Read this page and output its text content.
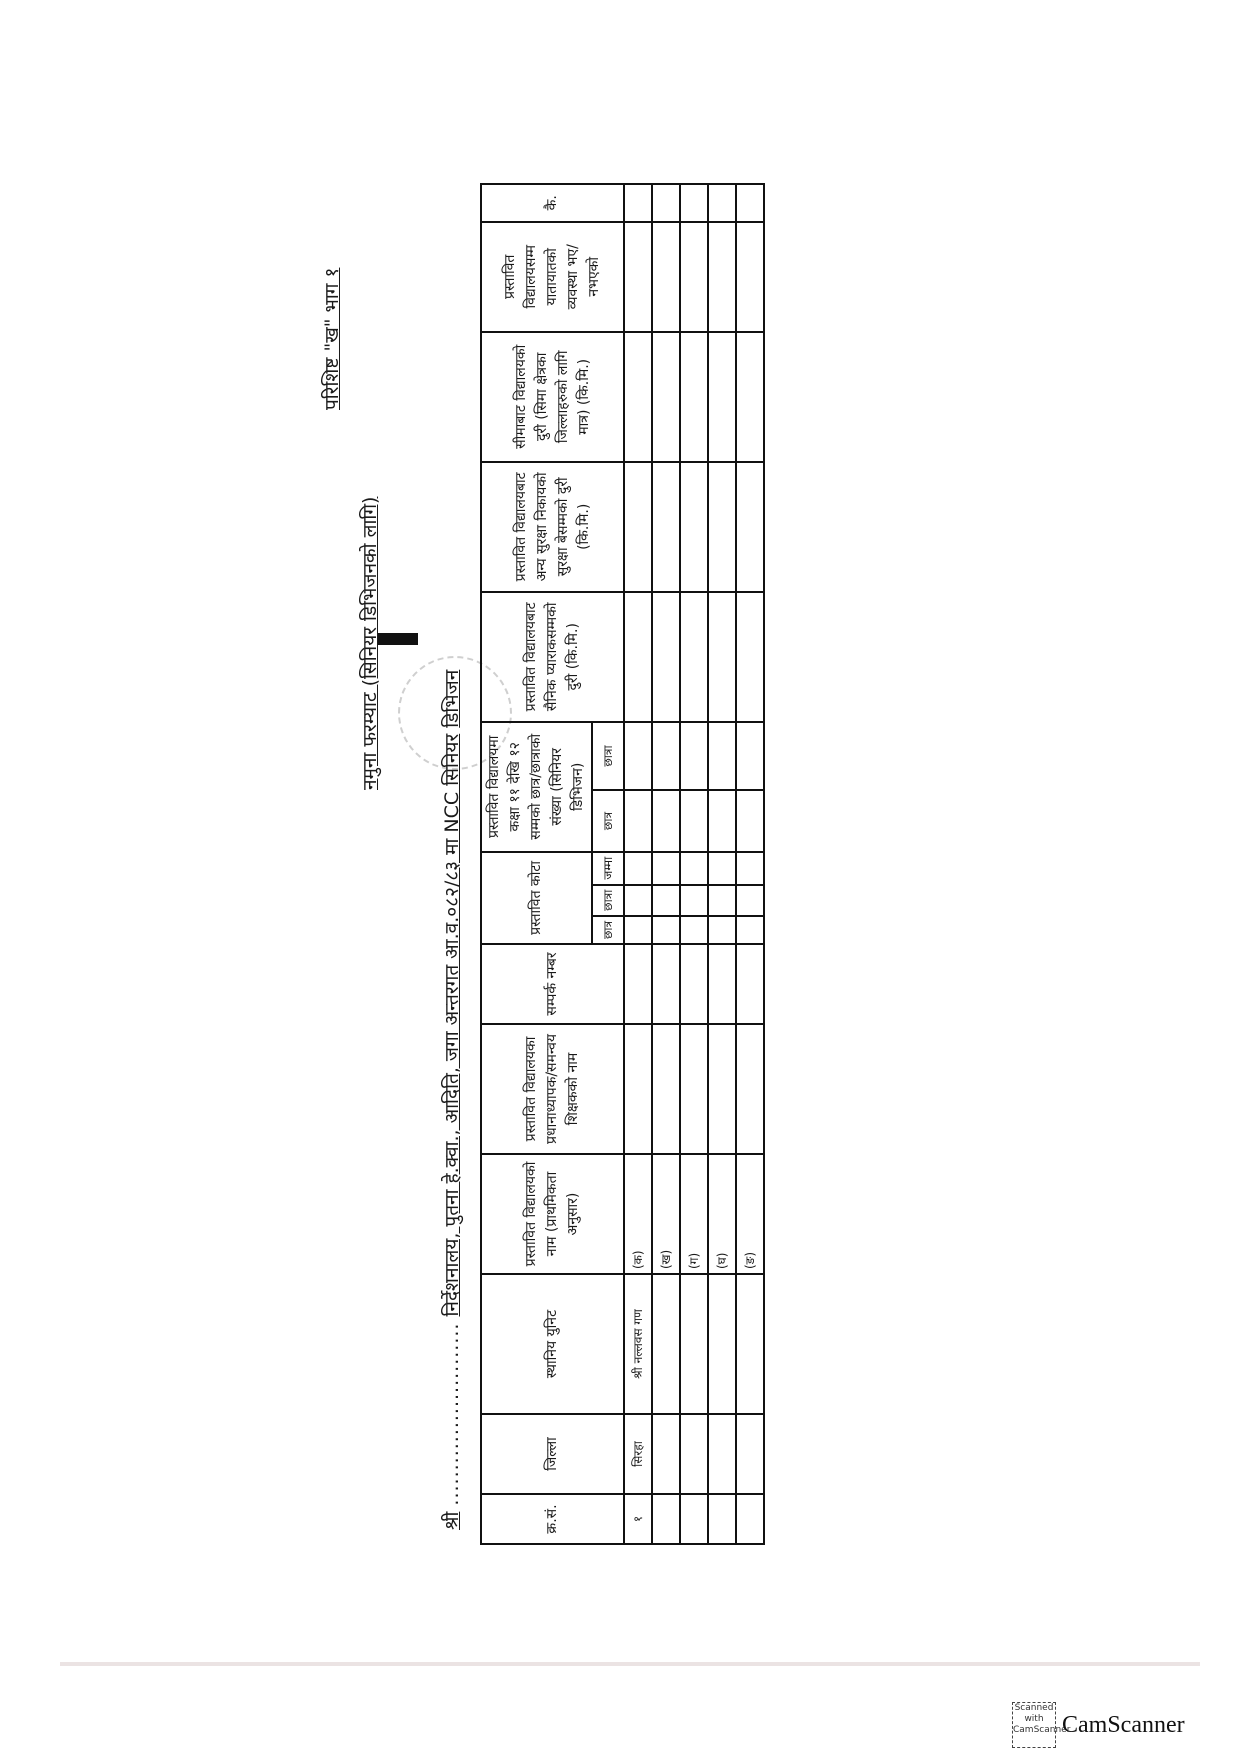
परिशिष्ट "ख" भाग १
नमुना फरम्याट (सिनियर डिभिजनको लागि)
श्री .......................... निर्देशनालय, पुतना हे.क्वा., आदिति, जगा अन्तरगत आ.व.०८२/८३ मा NCC सिनियर डिभिजन
क्र.सं.	जिल्ला	स्थानिय युनिट	प्रस्तावित विद्यालयको नाम (प्राथमिकता अनुसार)	प्रस्तावित विद्यालयका प्रधानाध्यापक/समन्वय शिक्षकको नाम	सम्पर्क नम्बर	प्रस्तावित कोटा			प्रस्तावित विद्यालयमा कक्षा ११ देखि १२ सम्मको छात्र/छात्राको संख्या (सिनियर डिभिजन)		प्रस्तावित विद्यालयबाट सैनिक प्याराकसम्मको दुरी (कि.मि.)	प्रस्तावित विद्यालयबाट अन्य सुरक्षा निकायको सुरक्षा बेसम्मको दुरी (कि.मि.)	सीमाबाट विद्यालयको दुरी (सिमा क्षेत्रका जिल्लाहरुको लागि मात्र) (कि.मि.)	प्रस्तावित विद्यालयसम्म यातायातको व्यवस्था भए/नभएको	कै.
						छात्र	छात्रा	जम्मा	छात्र	छात्रा					
१	सिरहा	श्री नल्लवस गण	(क)												
			(ख)												
			(ग)												
			(घ)												
			(ङ)												
Scanned with
CamScanner
CamScanner
